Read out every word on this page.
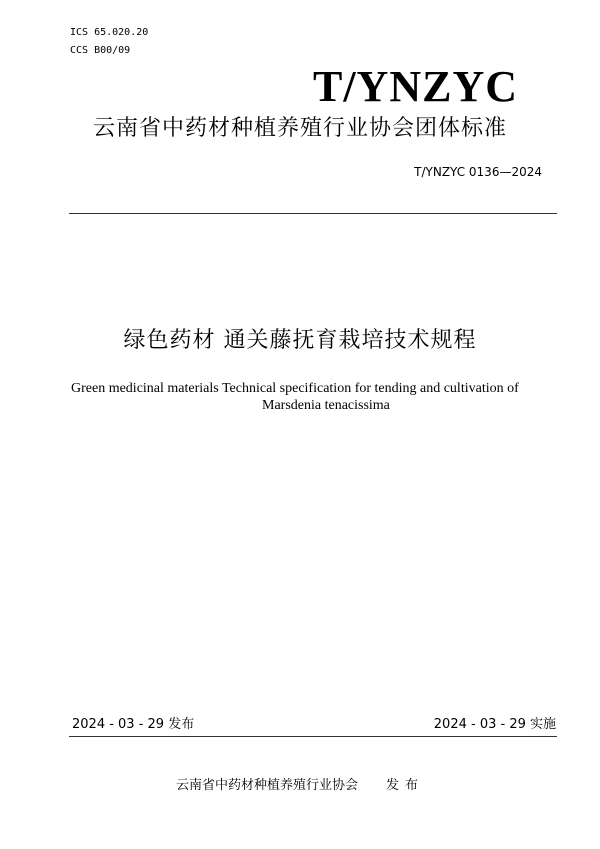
ICS 65.020.20
CCS B00/09
T/YNZYC
云南省中药材种植养殖行业协会团体标准
T/YNZYC 0136—2024
绿色药材 通关藤抚育栽培技术规程
Green medicinal materials Technical specification for tending and cultivation of
Marsdenia tenacissima
2024 - 03 - 29 发布	2024 - 03 - 29 实施
云南省中药材种植养殖行业协会 发布
